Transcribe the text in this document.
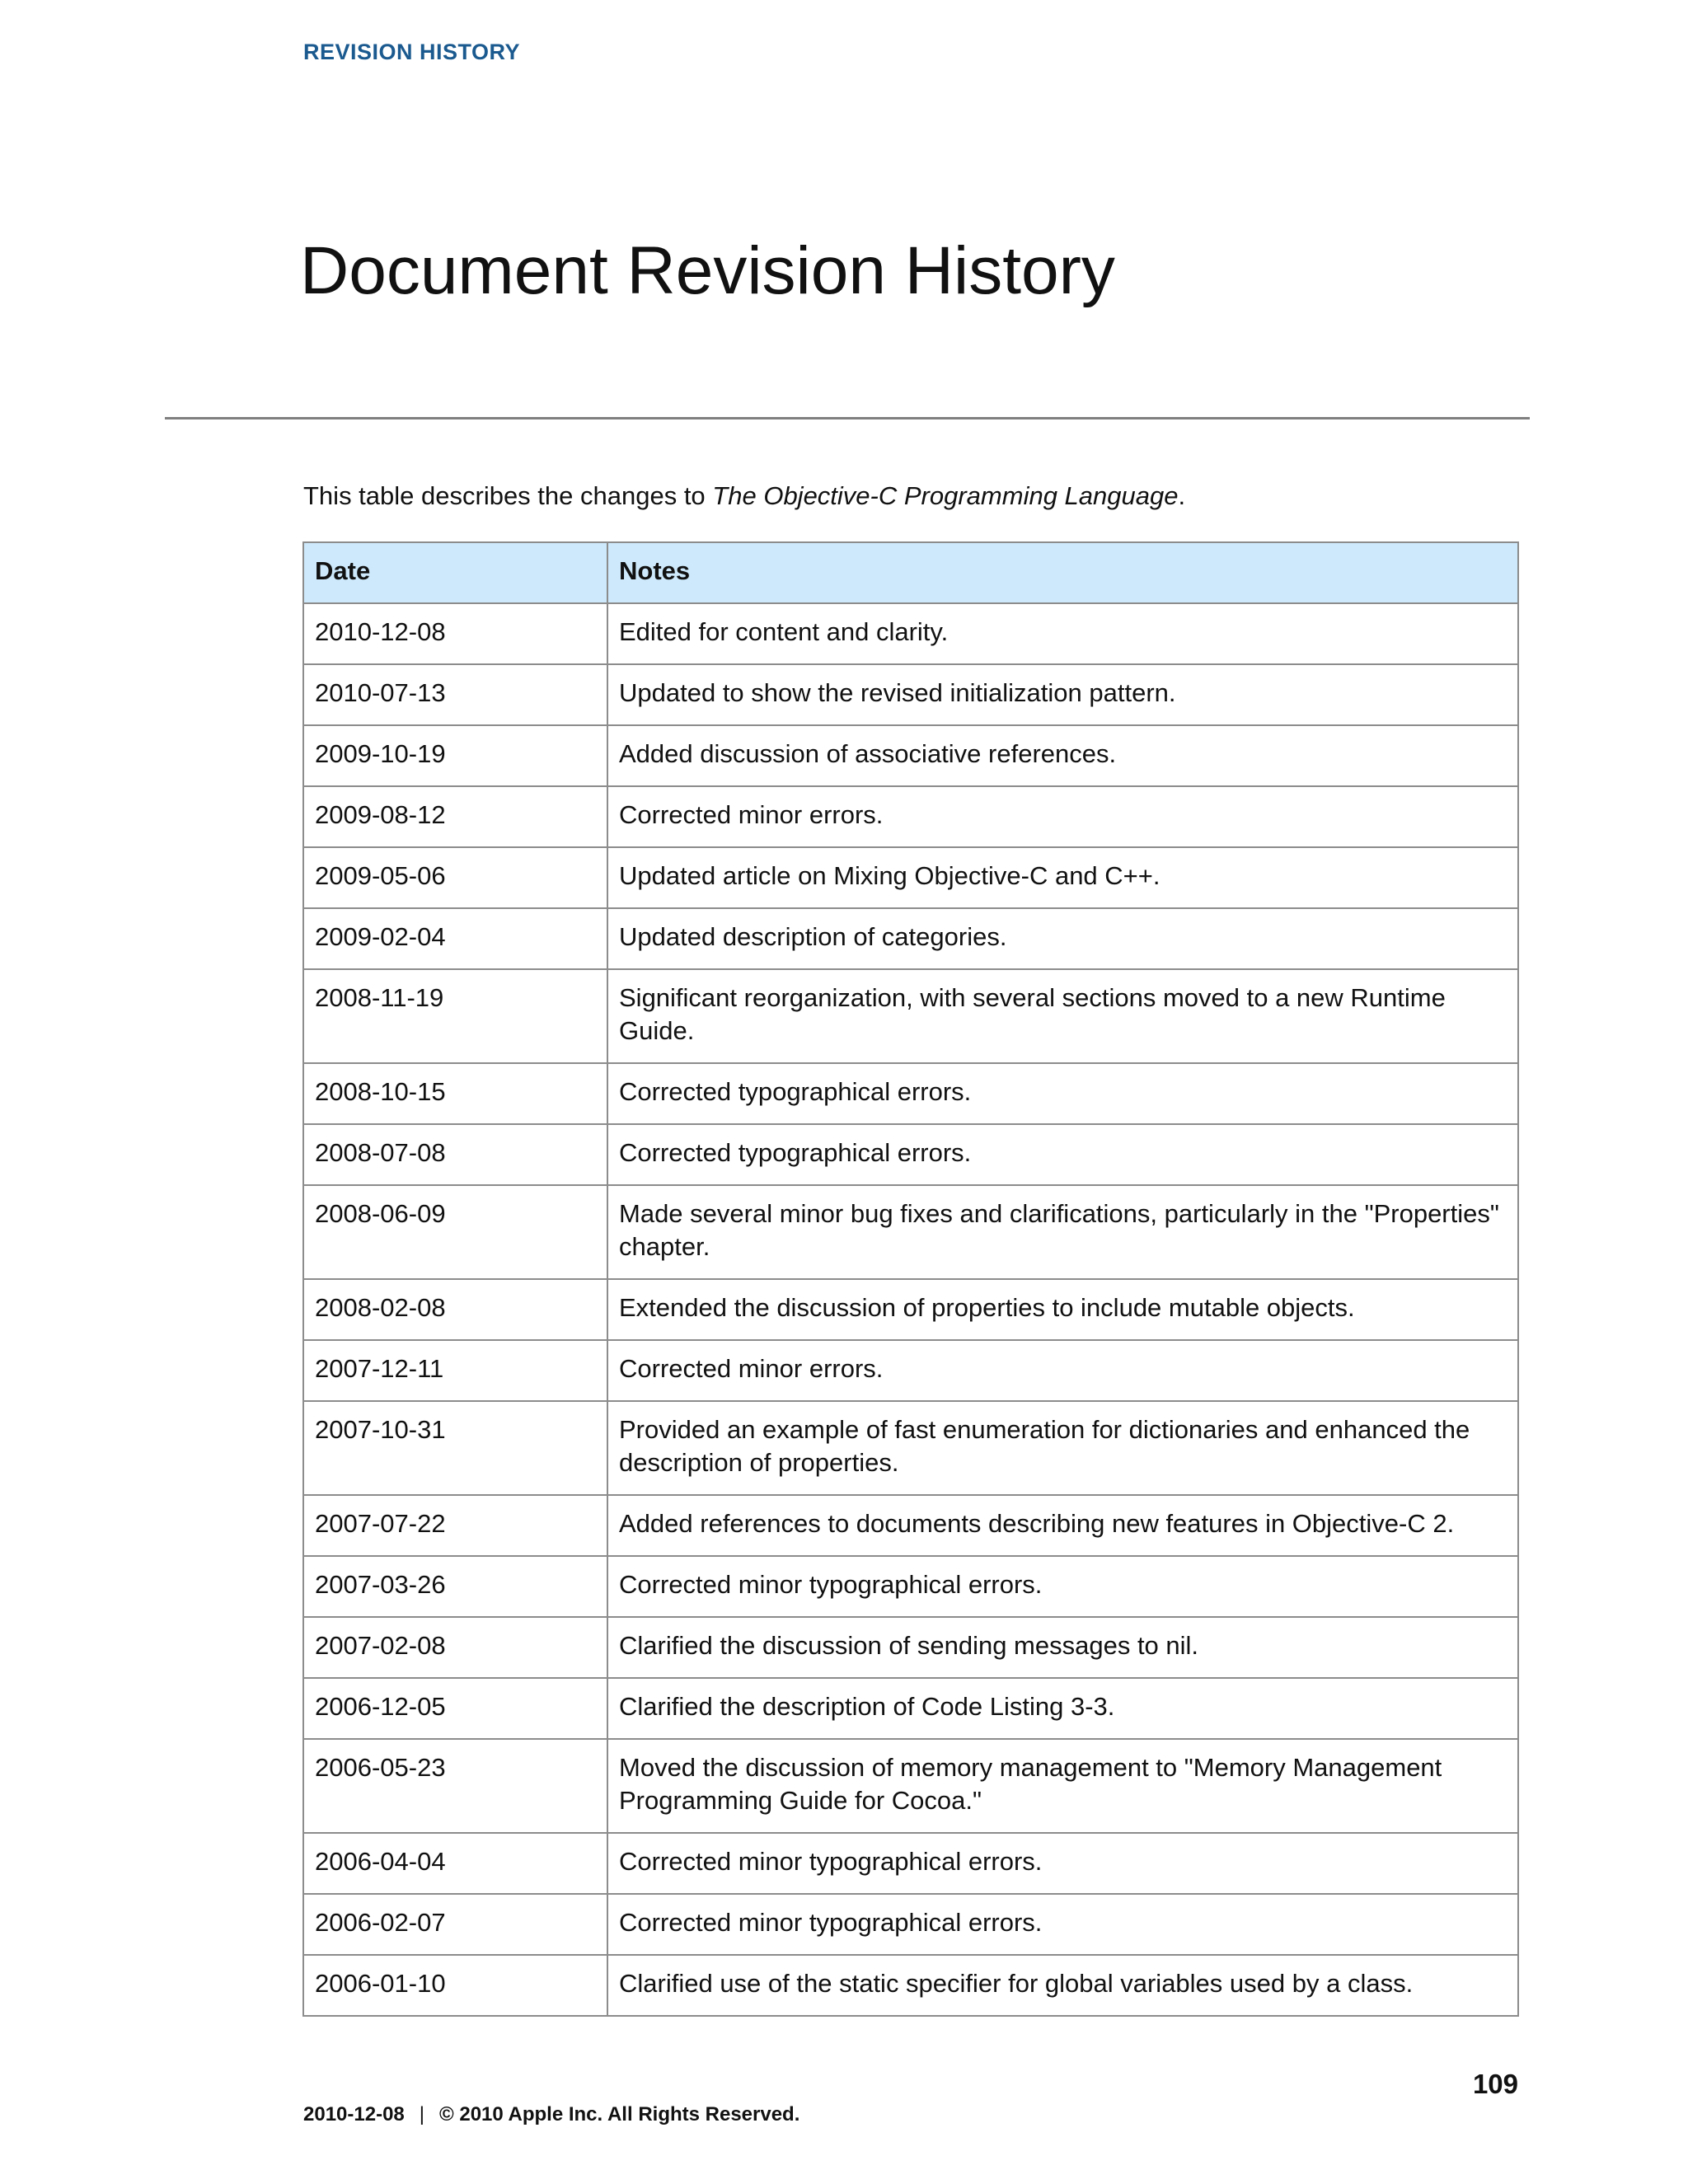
REVISION HISTORY
Document Revision History
This table describes the changes to The Objective-C Programming Language.
Date	Notes
2010-12-08	Edited for content and clarity.
2010-07-13	Updated to show the revised initialization pattern.
2009-10-19	Added discussion of associative references.
2009-08-12	Corrected minor errors.
2009-05-06	Updated article on Mixing Objective-C and C++.
2009-02-04	Updated description of categories.
2008-11-19	Significant reorganization, with several sections moved to a new Runtime Guide.
2008-10-15	Corrected typographical errors.
2008-07-08	Corrected typographical errors.
2008-06-09	Made several minor bug fixes and clarifications, particularly in the "Properties" chapter.
2008-02-08	Extended the discussion of properties to include mutable objects.
2007-12-11	Corrected minor errors.
2007-10-31	Provided an example of fast enumeration for dictionaries and enhanced the description of properties.
2007-07-22	Added references to documents describing new features in Objective-C 2.
2007-03-26	Corrected minor typographical errors.
2007-02-08	Clarified the discussion of sending messages to nil.
2006-12-05	Clarified the description of Code Listing 3-3.
2006-05-23	Moved the discussion of memory management to "Memory Management Programming Guide for Cocoa."
2006-04-04	Corrected minor typographical errors.
2006-02-07	Corrected minor typographical errors.
2006-01-10	Clarified use of the static specifier for global variables used by a class.
109
2010-12-08 | © 2010 Apple Inc. All Rights Reserved.
